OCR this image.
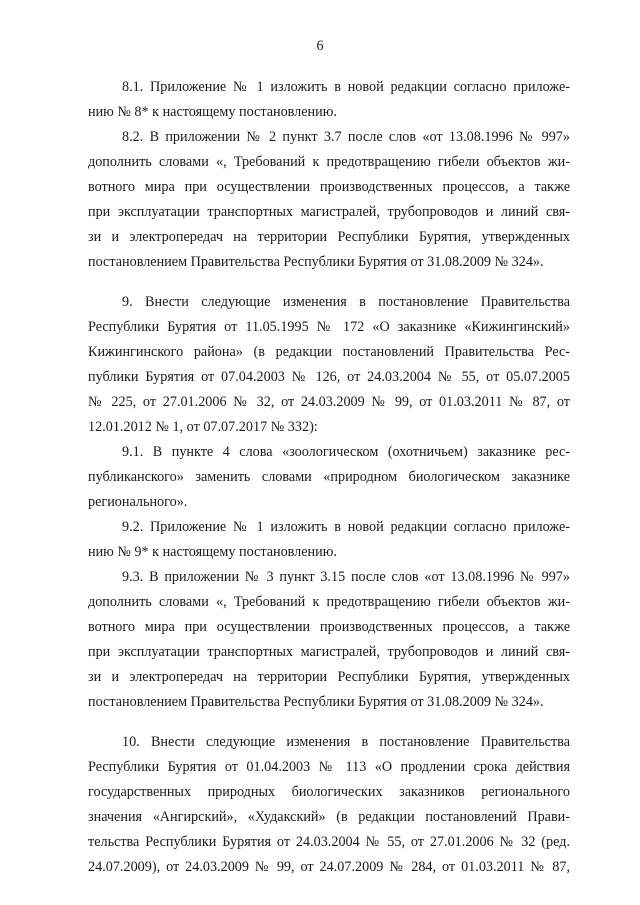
6
8.1. Приложение № 1 изложить в новой редакции согласно приложе-
нию № 8* к настоящему постановлению.
8.2. В приложении № 2 пункт 3.7 после слов «от 13.08.1996 № 997»
дополнить словами «, Требований к предотвращению гибели объектов жи-
вотного мира при осуществлении производственных процессов, а также
при эксплуатации транспортных магистралей, трубопроводов и линий свя-
зи и электропередач на территории Республики Бурятия, утвержденных
постановлением Правительства Республики Бурятия от 31.08.2009 № 324».
9. Внести следующие изменения в постановление Правительства
Республики Бурятия от 11.05.1995 № 172 «О заказнике «Кижингинский»
Кижингинского района» (в редакции постановлений Правительства Рес-
публики Бурятия от 07.04.2003 № 126, от 24.03.2004 № 55, от 05.07.2005
№ 225, от 27.01.2006 № 32, от 24.03.2009 № 99, от 01.03.2011 № 87, от
12.01.2012 № 1, от 07.07.2017 № 332):
9.1. В пункте 4 слова «зоологическом (охотничьем) заказнике рес-
публиканского» заменить словами «природном биологическом заказнике
регионального».
9.2. Приложение № 1 изложить в новой редакции согласно приложе-
нию № 9* к настоящему постановлению.
9.3. В приложении № 3 пункт 3.15 после слов «от 13.08.1996 № 997»
дополнить словами «, Требований к предотвращению гибели объектов жи-
вотного мира при осуществлении производственных процессов, а также
при эксплуатации транспортных магистралей, трубопроводов и линий свя-
зи и электропередач на территории Республики Бурятия, утвержденных
постановлением Правительства Республики Бурятия от 31.08.2009 № 324».
10. Внести следующие изменения в постановление Правительства
Республики Бурятия от 01.04.2003 № 113 «О продлении срока действия
государственных природных биологических заказников регионального
значения «Ангирский», «Худакский» (в редакции постановлений Прави-
тельства Республики Бурятия от 24.03.2004 № 55, от 27.01.2006 № 32 (ред.
24.07.2009), от 24.03.2009 № 99, от 24.07.2009 № 284, от 01.03.2011 № 87,
